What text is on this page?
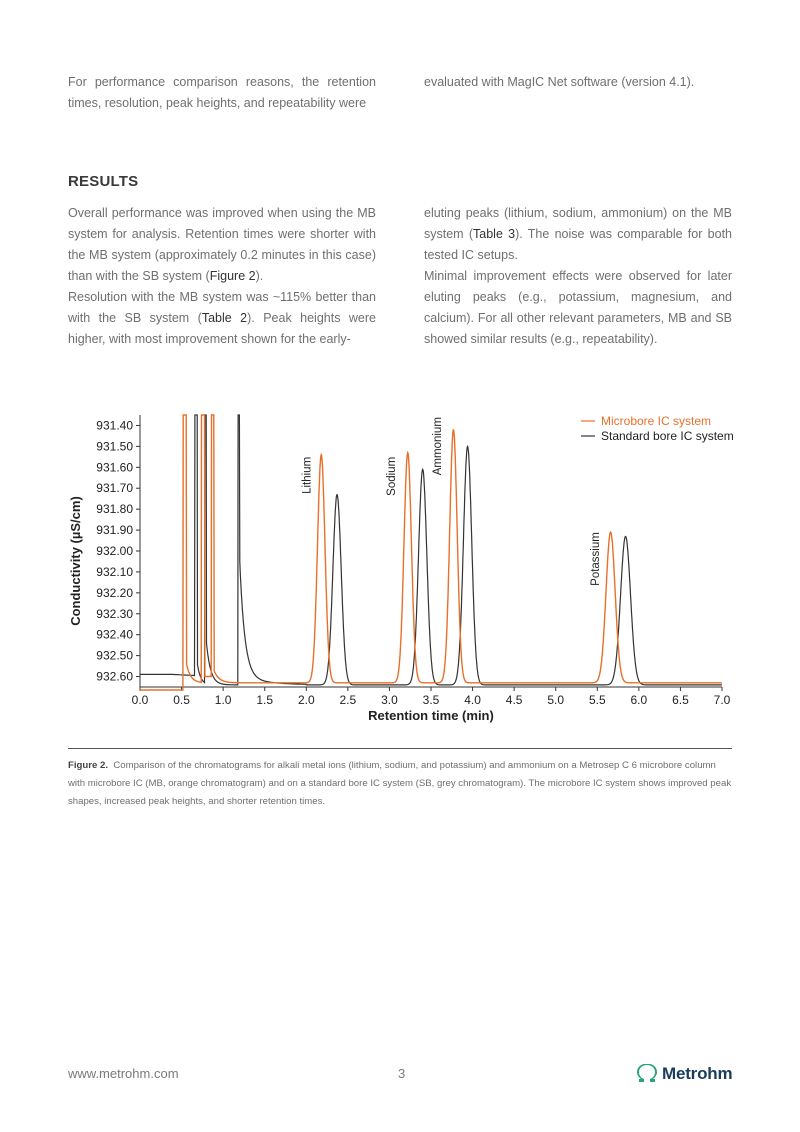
For performance comparison reasons, the retention times, resolution, peak heights, and repeatability were

evaluated with MagIC Net software (version 4.1).

RESULTS

Overall performance was improved when using the MB system for analysis. Retention times were shorter with the MB system (approximately 0.2 minutes in this case) than with the SB system (Figure 2).

Resolution with the MB system was ~115% better than with the SB system (Table 2). Peak heights were higher, with most improvement shown for the early-

eluting peaks (lithium, sodium, ammonium) on the MB system (Table 3). The noise was comparable for both tested IC setups.

Minimal improvement effects were observed for later eluting peaks (e.g., potassium, magnesium, and calcium). For all other relevant parameters, MB and SB showed similar results (e.g., repeatability).

931.40
931.50
931.60
931.70
931.80
931.90
932.00
932.10
932.20
932.30
932.40
932.50
932.60
0.0 0.5 1.0 1.5 2.0 2.5 3.0 3.5 4.0 4.5 5.0 5.5 6.0 6.5 7.0
Retention time (min)
Conductivity (µS/cm)
Lithium	Sodium
Ammonium
Potassium
Microbore IC system
Standard bore IC system
Figure 2. Comparison of the chromatograms for alkali metal ions (lithium, sodium, and potassium) and ammonium on a Metrosep C 6 microbore column with microbore IC (MB, orange chromatogram) and on a standard bore IC system (SB, grey chromatogram). The microbore IC system shows improved peak shapes, increased peak heights, and shorter retention times.
www.metrohm.com	3	Metrohm
